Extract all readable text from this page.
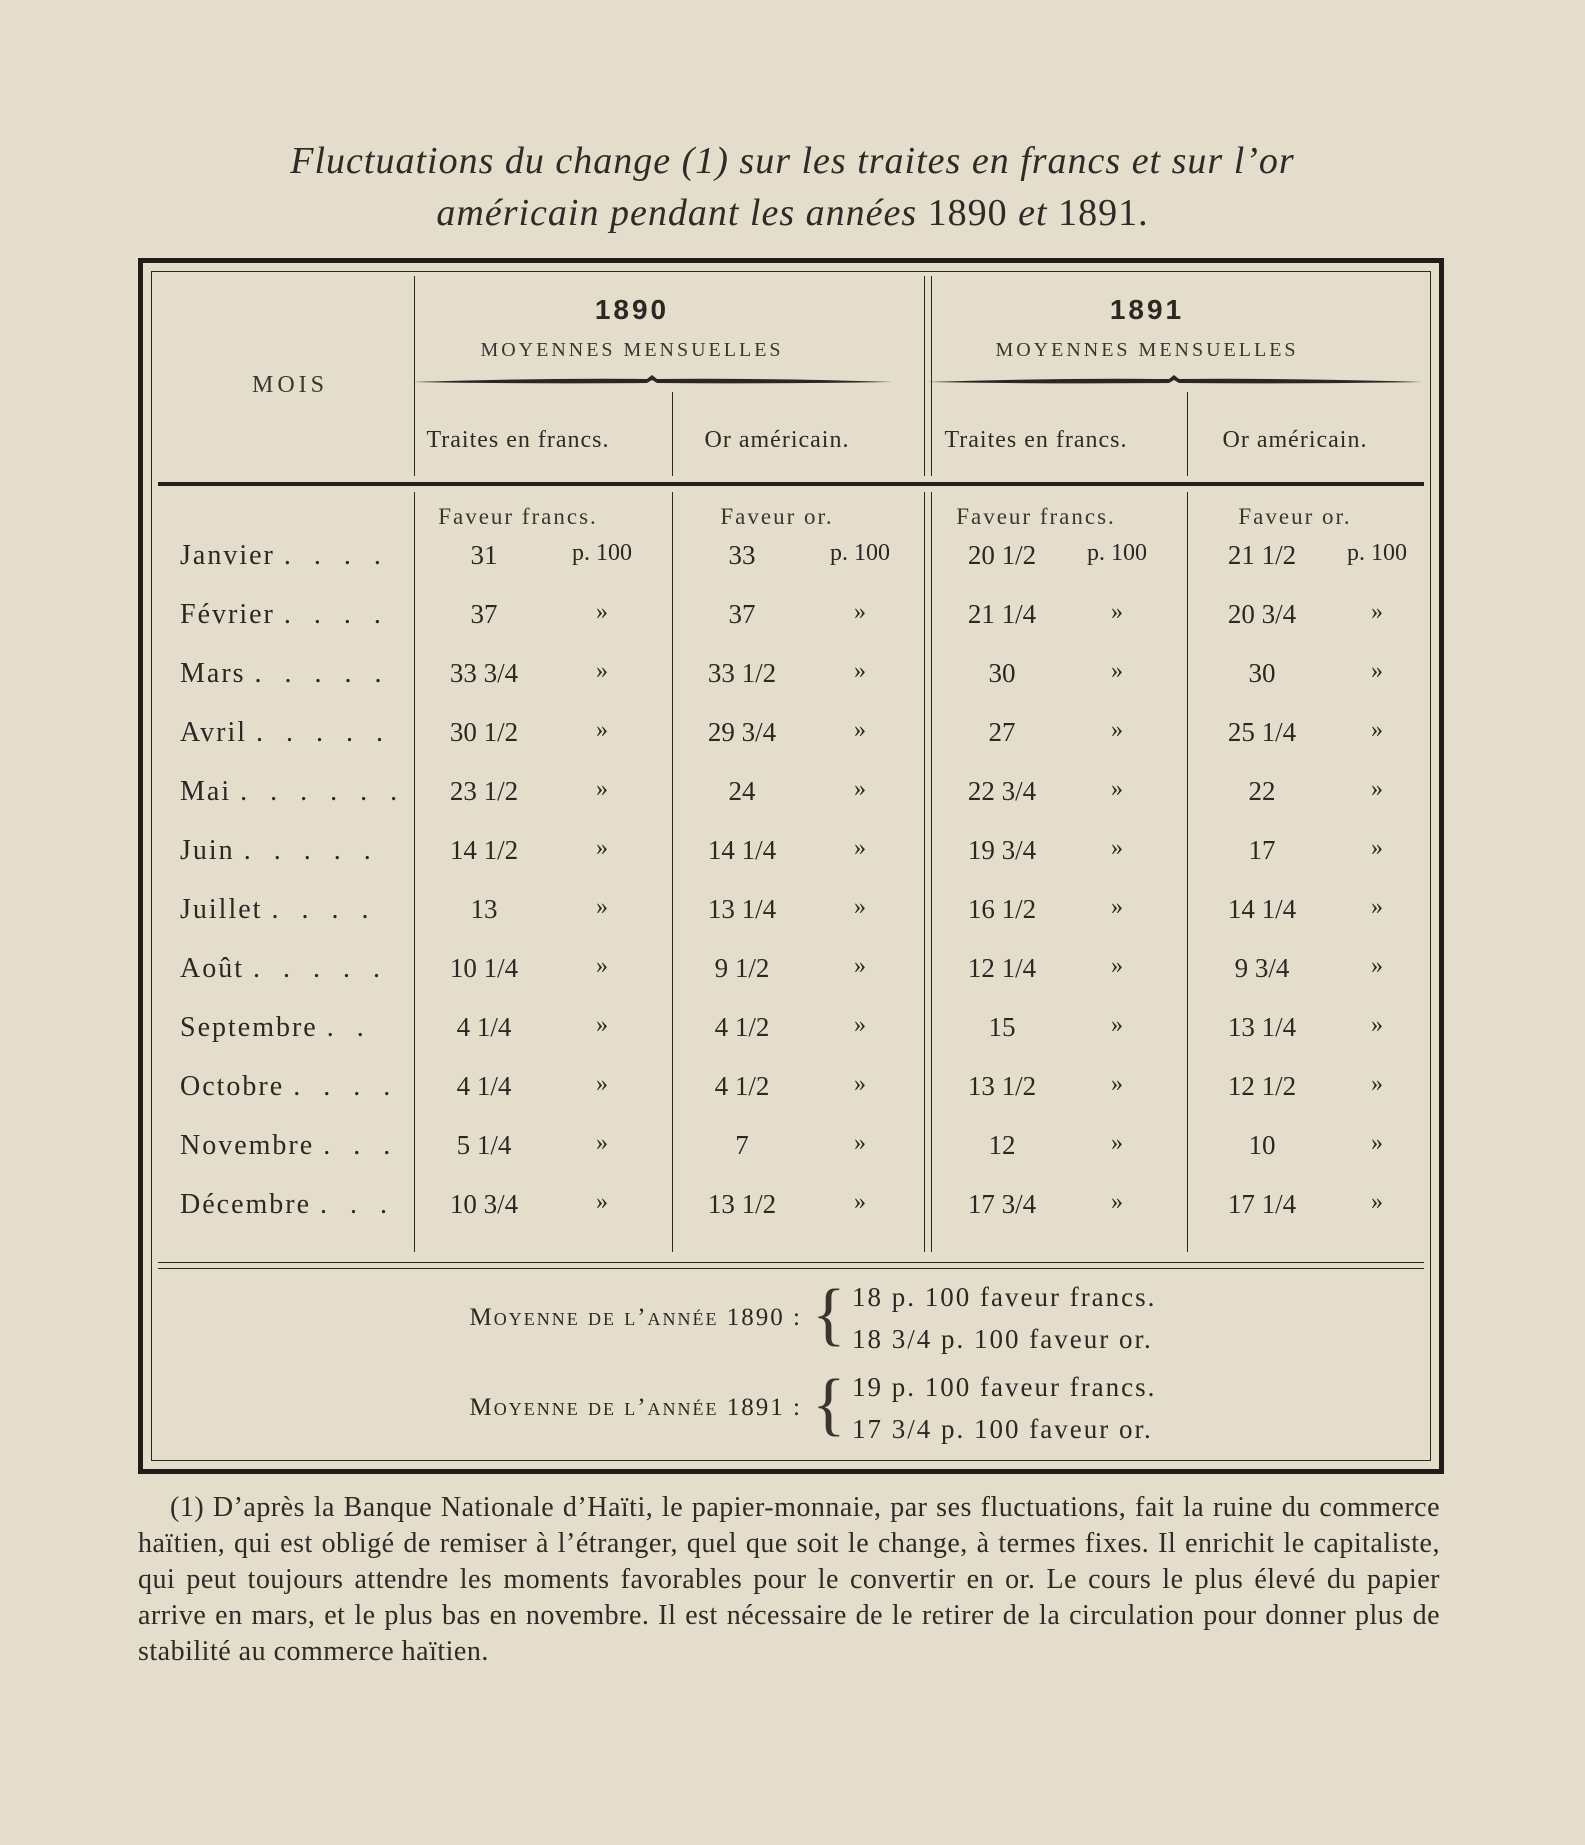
Fluctuations du change (1) sur les traites en francs et sur l’or
américain pendant les années 1890 et 1891.
MOIS
1890
MOYENNES MENSUELLES
1891
MOYENNES MENSUELLES
Traites en francs.	Or américain.	Traites en francs.	Or américain.
Faveur francs.	Faveur or.	Faveur francs.	Faveur or.
Janvier . . . .	31	p. 100	33	p. 100	20 1/2	p. 100	21 1/2	p. 100
Février . . . .	37	»	37	»	21 1/4	»	20 3/4	»
Mars . . . . .	33 3/4	»	33 1/2	»	30	»	30	»
Avril . . . . .	30 1/2	»	29 3/4	»	27	»	25 1/4	»
Mai . . . . . .	23 1/2	»	24	»	22 3/4	»	22	»
Juin . . . . .	14 1/2	»	14 1/4	»	19 3/4	»	17	»
Juillet . . . .	13	»	13 1/4	»	16 1/2	»	14 1/4	»
Août . . . . .	10 1/4	»	9 1/2	»	12 1/4	»	9 3/4	»
Septembre . .	4 1/4	»	4 1/2	»	15	»	13 1/4	»
Octobre . . . .	4 1/4	»	4 1/2	»	13 1/2	»	12 1/2	»
Novembre . . .	5 1/4	»	7	»	12	»	10	»
Décembre . . .	10 3/4	»	13 1/2	»	17 3/4	»	17 1/4	»
Moyenne de l’année 1890 : { 18 p. 100 faveur francs.
18 3/4 p. 100 faveur or.
Moyenne de l’année 1891 : { 19 p. 100 faveur francs.
17 3/4 p. 100 faveur or.

(1) D’après la Banque Nationale d’Haïti, le papier-monnaie, par ses fluctuations, fait la ruine du commerce haïtien, qui est obligé de remiser à l’étranger, quel que soit le change, à termes fixes. Il enrichit le capitaliste, qui peut toujours attendre les moments favorables pour le convertir en or. Le cours le plus élevé du papier arrive en mars, et le plus bas en novembre. Il est nécessaire de le retirer de la circulation pour donner plus de stabilité au commerce haïtien.
